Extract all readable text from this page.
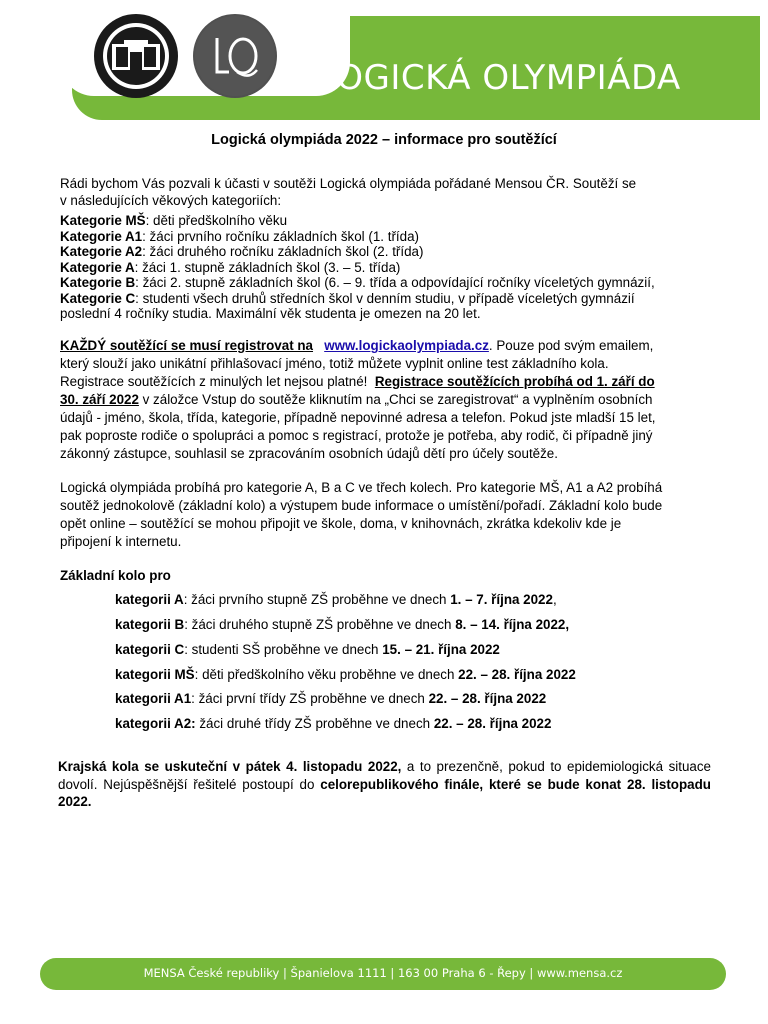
LOGICKÁ OLYMPIÁDA
Logická olympiáda 2022 – informace pro soutěžící

Rádi bychom Vás pozvali k účasti v soutěži Logická olympiáda pořádané Mensou ČR. Soutěží se

v následujících věkových kategoriích:

Kategorie MŠ: děti předškolního věku

Kategorie A1: žáci prvního ročníku základních škol (1. třída)

Kategorie A2: žáci druhého ročníku základních škol (2. třída)

Kategorie A: žáci 1. stupně základních škol (3. – 5. třída)

Kategorie B: žáci 2. stupně základních škol (6. – 9. třída a odpovídající ročníky víceletých gymnázií,

Kategorie C: studenti všech druhů středních škol v denním studiu, v případě víceletých gymnázií

poslední 4 ročníky studia. Maximální věk studenta je omezen na 20 let.

KAŽDÝ soutěžící se musí registrovat na www.logickaolympiada.cz. Pouze pod svým emailem,

který slouží jako unikátní přihlašovací jméno, totiž můžete vyplnit online test základního kola.

Registrace soutěžících z minulých let nejsou platné! Registrace soutěžících probíhá od 1. září do

30. září 2022 v záložce Vstup do soutěže kliknutím na „Chci se zaregistrovat“ a vyplněním osobních

údajů - jméno, škola, třída, kategorie, případně nepovinné adresa a telefon. Pokud jste mladší 15 let,

pak poproste rodiče o spolupráci a pomoc s registrací, protože je potřeba, aby rodič, či případně jiný

zákonný zástupce, souhlasil se zpracováním osobních údajů dětí pro účely soutěže.

Logická olympiáda probíhá pro kategorie A, B a C ve třech kolech. Pro kategorie MŠ, A1 a A2 probíhá

soutěž jednokolově (základní kolo) a výstupem bude informace o umístění/pořadí. Základní kolo bude

opět online – soutěžící se mohou připojit ve škole, doma, v knihovnách, zkrátka kdekoliv kde je

připojení k internetu.

Základní kolo pro
kategorii A: žáci prvního stupně ZŠ proběhne ve dnech 1. – 7. října 2022,
kategorii B: žáci druhého stupně ZŠ proběhne ve dnech 8. – 14. října 2022,
kategorii C: studenti SŠ proběhne ve dnech 15. – 21. října 2022
kategorii MŠ: děti předškolního věku proběhne ve dnech 22. – 28. října 2022
kategorii A1: žáci první třídy ZŠ proběhne ve dnech 22. – 28. října 2022
kategorii A2: žáci druhé třídy ZŠ proběhne ve dnech 22. – 28. října 2022
Krajská kola se uskuteční v pátek 4. listopadu 2022, a to prezenčně, pokud to epidemiologická situace dovolí. Nejúspěšnější řešitelé postoupí do celorepublikového finále, které se bude konat 28. listopadu 2022.
MENSA České republiky | Španielova 1111 | 163 00 Praha 6 - Řepy | www.mensa.cz
